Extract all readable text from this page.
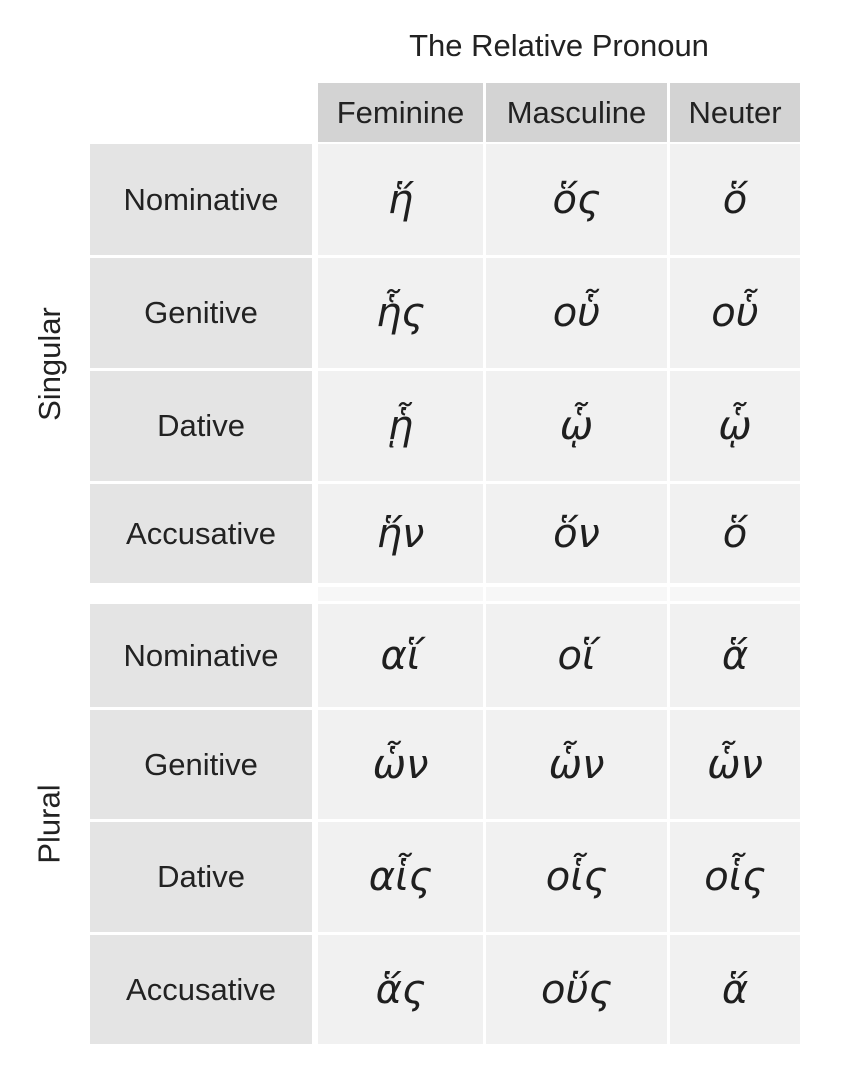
The Relative Pronoun
Feminine	Masculine	Neuter
Singular
Nominative	ἥ	ὅς	ὅ
Genitive	ἧς	οὗ	οὗ
Dative	ᾗ	ᾧ	ᾧ
Accusative	ἥν	ὅν	ὅ
Plural
Nominative	αἵ	οἵ	ἅ
Genitive	ὧν	ὧν	ὧν
Dative	αἷς	οἷς	οἷς
Accusative	ἅς	οὕς	ἅ
